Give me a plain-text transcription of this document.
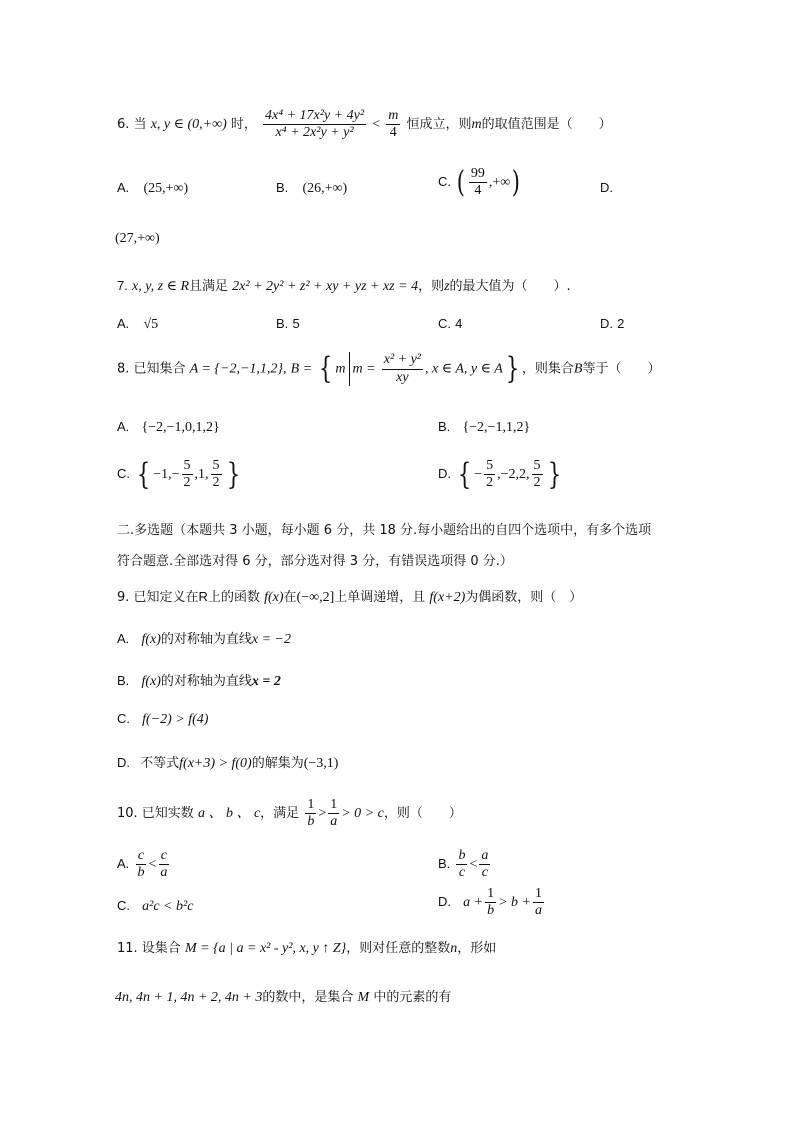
6. 当 x, y ∈ (0,+∞) 时， $\frac{\text{4x⁴ + 17x²y + 4y²}}{\text{x⁴ + 2x²y + y²}} < \frac{m}{4}$ 恒成立，则m的取值范围是（　　）
A. (25,+∞)	B. (26,+∞)	C. ( $\frac{99}{4}$ ,+∞)	D.
(27,+∞)
7. x, y, z ∈ R且满足 2x² + 2y² + z² + xy + yz + xz = 4，则z的最大值为（　　）.
A. √5	B. 5	C. 4	D. 2
8. 已知集合 A = {−2,−1,1,2}, B = { m $m = \frac{\text{x² + y²}}{xy}$ , x ∈ A, y ∈ A} ，则集合B等于（　　）
A. {−2,−1,0,1,2}	B. {−2,−1,1,2}
C. { $-1,- \frac{5}{2} ,1$, $\frac{5}{2}$ }	D. { − $\frac{5}{2} ,-2,2$, $\frac{5}{2}$ }
二.多选题（本题共 3 小题，每小题 6 分，共 18 分.每小题给出的自四个选项中，有多个选项
符合题意.全部选对得 6 分，部分选对得 3 分，有错误选项得 0 分.）
9. 已知定义在R上的函数 f(x)在(−∞,2]上单调递增，且 f(x+2)为偶函数，则（　）
A. f(x)的对称轴为直线x = −2
B. f(x)的对称轴为直线x = 2
C. f(−2) > f(4)
D. 不等式f(x+3) > f(0)的解集为(−3,1)
10. 已知实数 a 、 b 、 c，满足 $\frac{1}{b} > \frac{1}{a} > 0 > c$，则（　　）
A. $\frac{c}{b} < \frac{c}{a}$	B. $\frac{b}{c} < \frac{a}{c}$
C. a²c < b²c	D. $a + \frac{1}{b} > b + \frac{1}{a}$
11. 设集合 M = {a | a = x² - y², x, y ↑ Z}，则对任意的整数n，形如
4n, 4n + 1, 4n + 2, 4n + 3的数中，是集合 M 中的元素的有
